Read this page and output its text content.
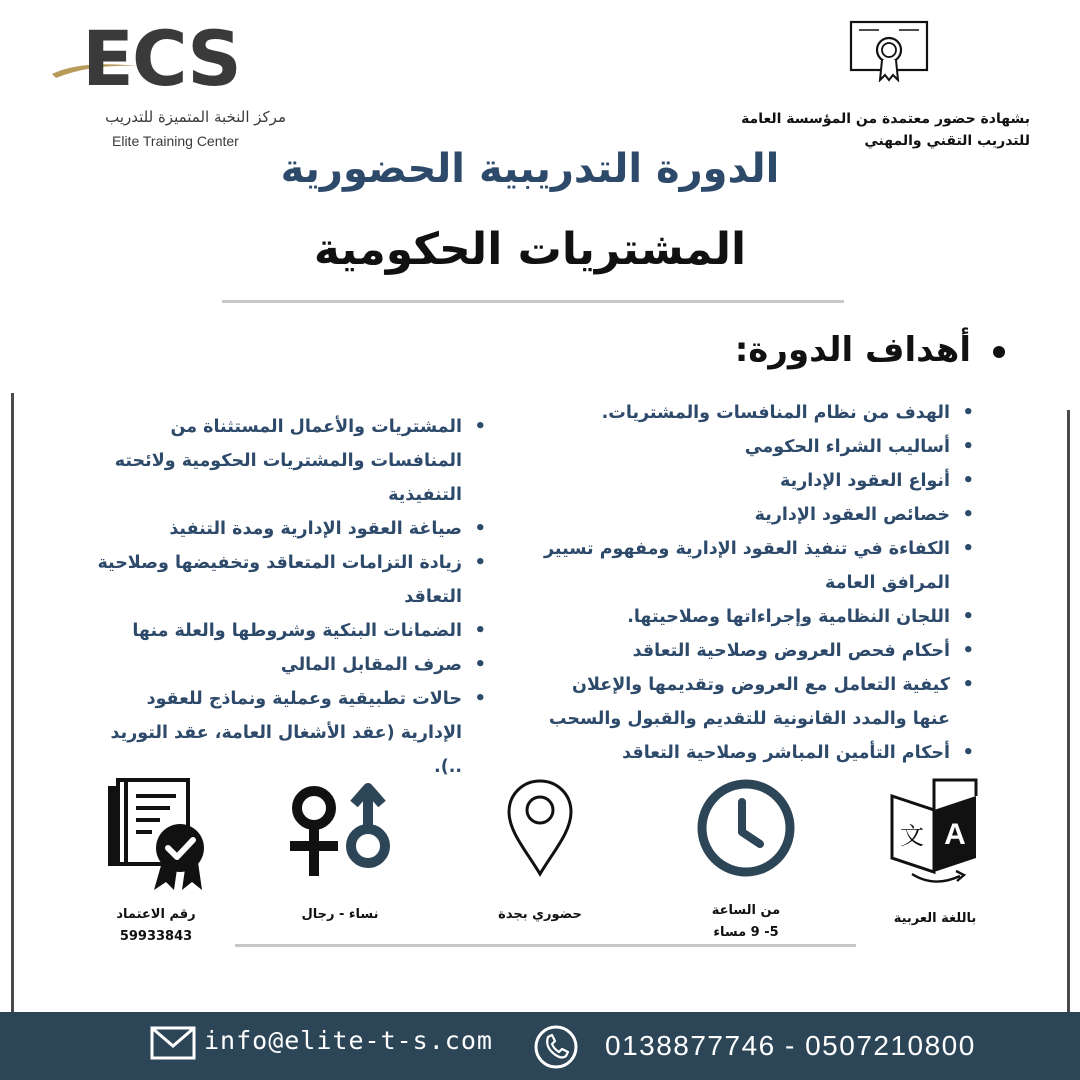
ECS
مركز النخبة المتميزة للتدريب
Elite Training Center
بشهادة حضور معتمدة من المؤسسة العامة للتدريب التقني والمهني
الدورة التدريبية الحضورية
المشتريات الحكومية
أهداف الدورة:
• الهدف من نظام المنافسات والمشتريات.
• أساليب الشراء الحكومي
• أنواع العقود الإدارية
• خصائص العقود الإدارية
• الكفاءة في تنفيذ العقود الإدارية ومفهوم تسيير المرافق العامة
• اللجان النظامية وإجراءاتها وصلاحيتها.
• أحكام فحص العروض وصلاحية التعاقد
• كيفية التعامل مع العروض وتقديمها والإعلان عنها والمدد القانونية للتقديم والقبول والسحب
• أحكام التأمين المباشر وصلاحية التعاقد
• المشتريات والأعمال المستثناة من المنافسات والمشتريات الحكومية ولائحته التنفيذية
• صياغة العقود الإدارية ومدة التنفيذ
• زيادة التزامات المتعاقد وتخفيضها وصلاحية التعاقد
• الضمانات البنكية وشروطها والعلة منها
• صرف المقابل المالي
• حالات تطبيقية وعملية ونماذج للعقود الإدارية (عقد الأشغال العامة، عقد التوريد ..).
A
文
باللغة العربية
من الساعة
5- 9 مساء
حضوري بجدة
نساء - رجال
رقم الاعتماد
59933843
info@elite-t-s.com	0138877746 - 0507210800
